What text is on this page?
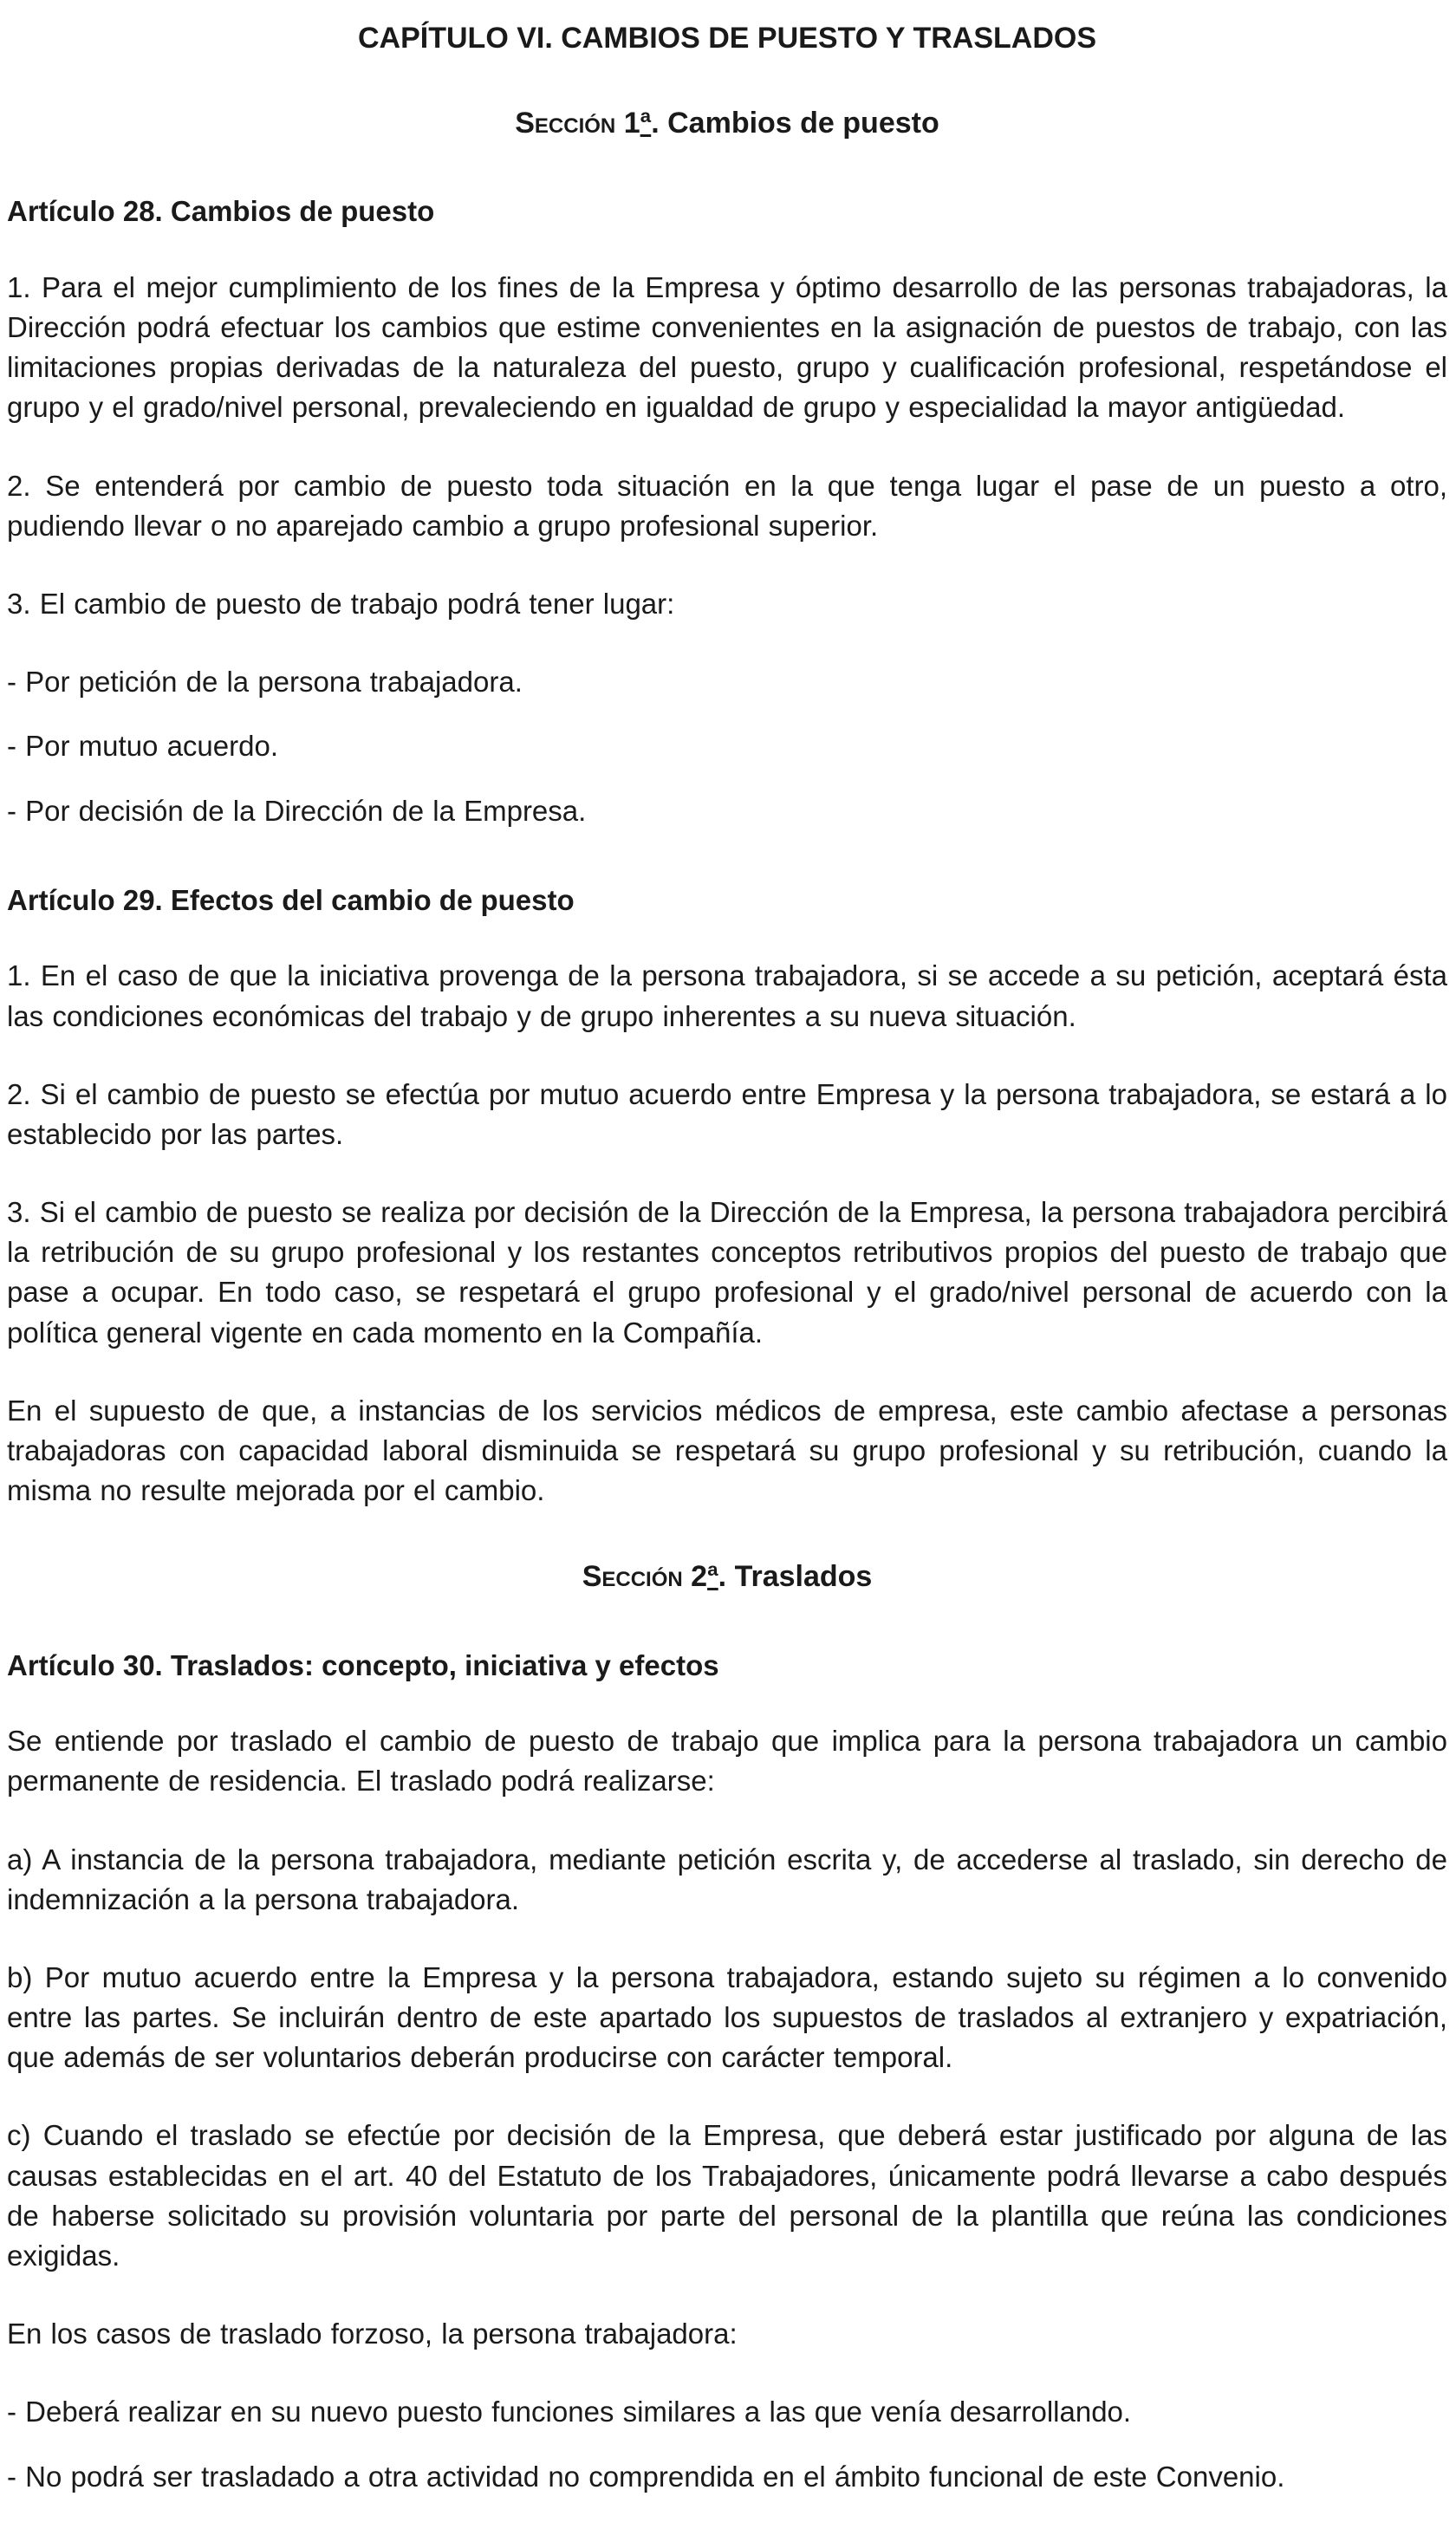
CAPÍTULO VI. CAMBIOS DE PUESTO Y TRASLADOS
Sección 1ª. Cambios de puesto
Artículo 28. Cambios de puesto

1. Para el mejor cumplimiento de los fines de la Empresa y óptimo desarrollo de las personas trabajadoras, la Dirección podrá efectuar los cambios que estime convenientes en la asignación de puestos de trabajo, con las limitaciones propias derivadas de la naturaleza del puesto, grupo y cualificación profesional, respetándose el grupo y el grado/nivel personal, prevaleciendo en igualdad de grupo y especialidad la mayor antigüedad.

2. Se entenderá por cambio de puesto toda situación en la que tenga lugar el pase de un puesto a otro, pudiendo llevar o no aparejado cambio a grupo profesional superior.

3. El cambio de puesto de trabajo podrá tener lugar:

- Por petición de la persona trabajadora.

- Por mutuo acuerdo.

- Por decisión de la Dirección de la Empresa.

Artículo 29. Efectos del cambio de puesto

1. En el caso de que la iniciativa provenga de la persona trabajadora, si se accede a su petición, aceptará ésta las condiciones económicas del trabajo y de grupo inherentes a su nueva situación.

2. Si el cambio de puesto se efectúa por mutuo acuerdo entre Empresa y la persona trabajadora, se estará a lo establecido por las partes.

3. Si el cambio de puesto se realiza por decisión de la Dirección de la Empresa, la persona trabajadora percibirá la retribución de su grupo profesional y los restantes conceptos retributivos propios del puesto de trabajo que pase a ocupar. En todo caso, se respetará el grupo profesional y el grado/nivel personal de acuerdo con la política general vigente en cada momento en la Compañía.

En el supuesto de que, a instancias de los servicios médicos de empresa, este cambio afectase a personas trabajadoras con capacidad laboral disminuida se respetará su grupo profesional y su retribución, cuando la misma no resulte mejorada por el cambio.

Sección 2ª. Traslados
Artículo 30. Traslados: concepto, iniciativa y efectos

Se entiende por traslado el cambio de puesto de trabajo que implica para la persona trabajadora un cambio permanente de residencia. El traslado podrá realizarse:

a) A instancia de la persona trabajadora, mediante petición escrita y, de accederse al traslado, sin derecho de indemnización a la persona trabajadora.

b) Por mutuo acuerdo entre la Empresa y la persona trabajadora, estando sujeto su régimen a lo convenido entre las partes. Se incluirán dentro de este apartado los supuestos de traslados al extranjero y expatriación, que además de ser voluntarios deberán producirse con carácter temporal.

c) Cuando el traslado se efectúe por decisión de la Empresa, que deberá estar justificado por alguna de las causas establecidas en el art. 40 del Estatuto de los Trabajadores, únicamente podrá llevarse a cabo después de haberse solicitado su provisión voluntaria por parte del personal de la plantilla que reúna las condiciones exigidas.

En los casos de traslado forzoso, la persona trabajadora:

- Deberá realizar en su nuevo puesto funciones similares a las que venía desarrollando.

- No podrá ser trasladado a otra actividad no comprendida en el ámbito funcional de este Convenio.
